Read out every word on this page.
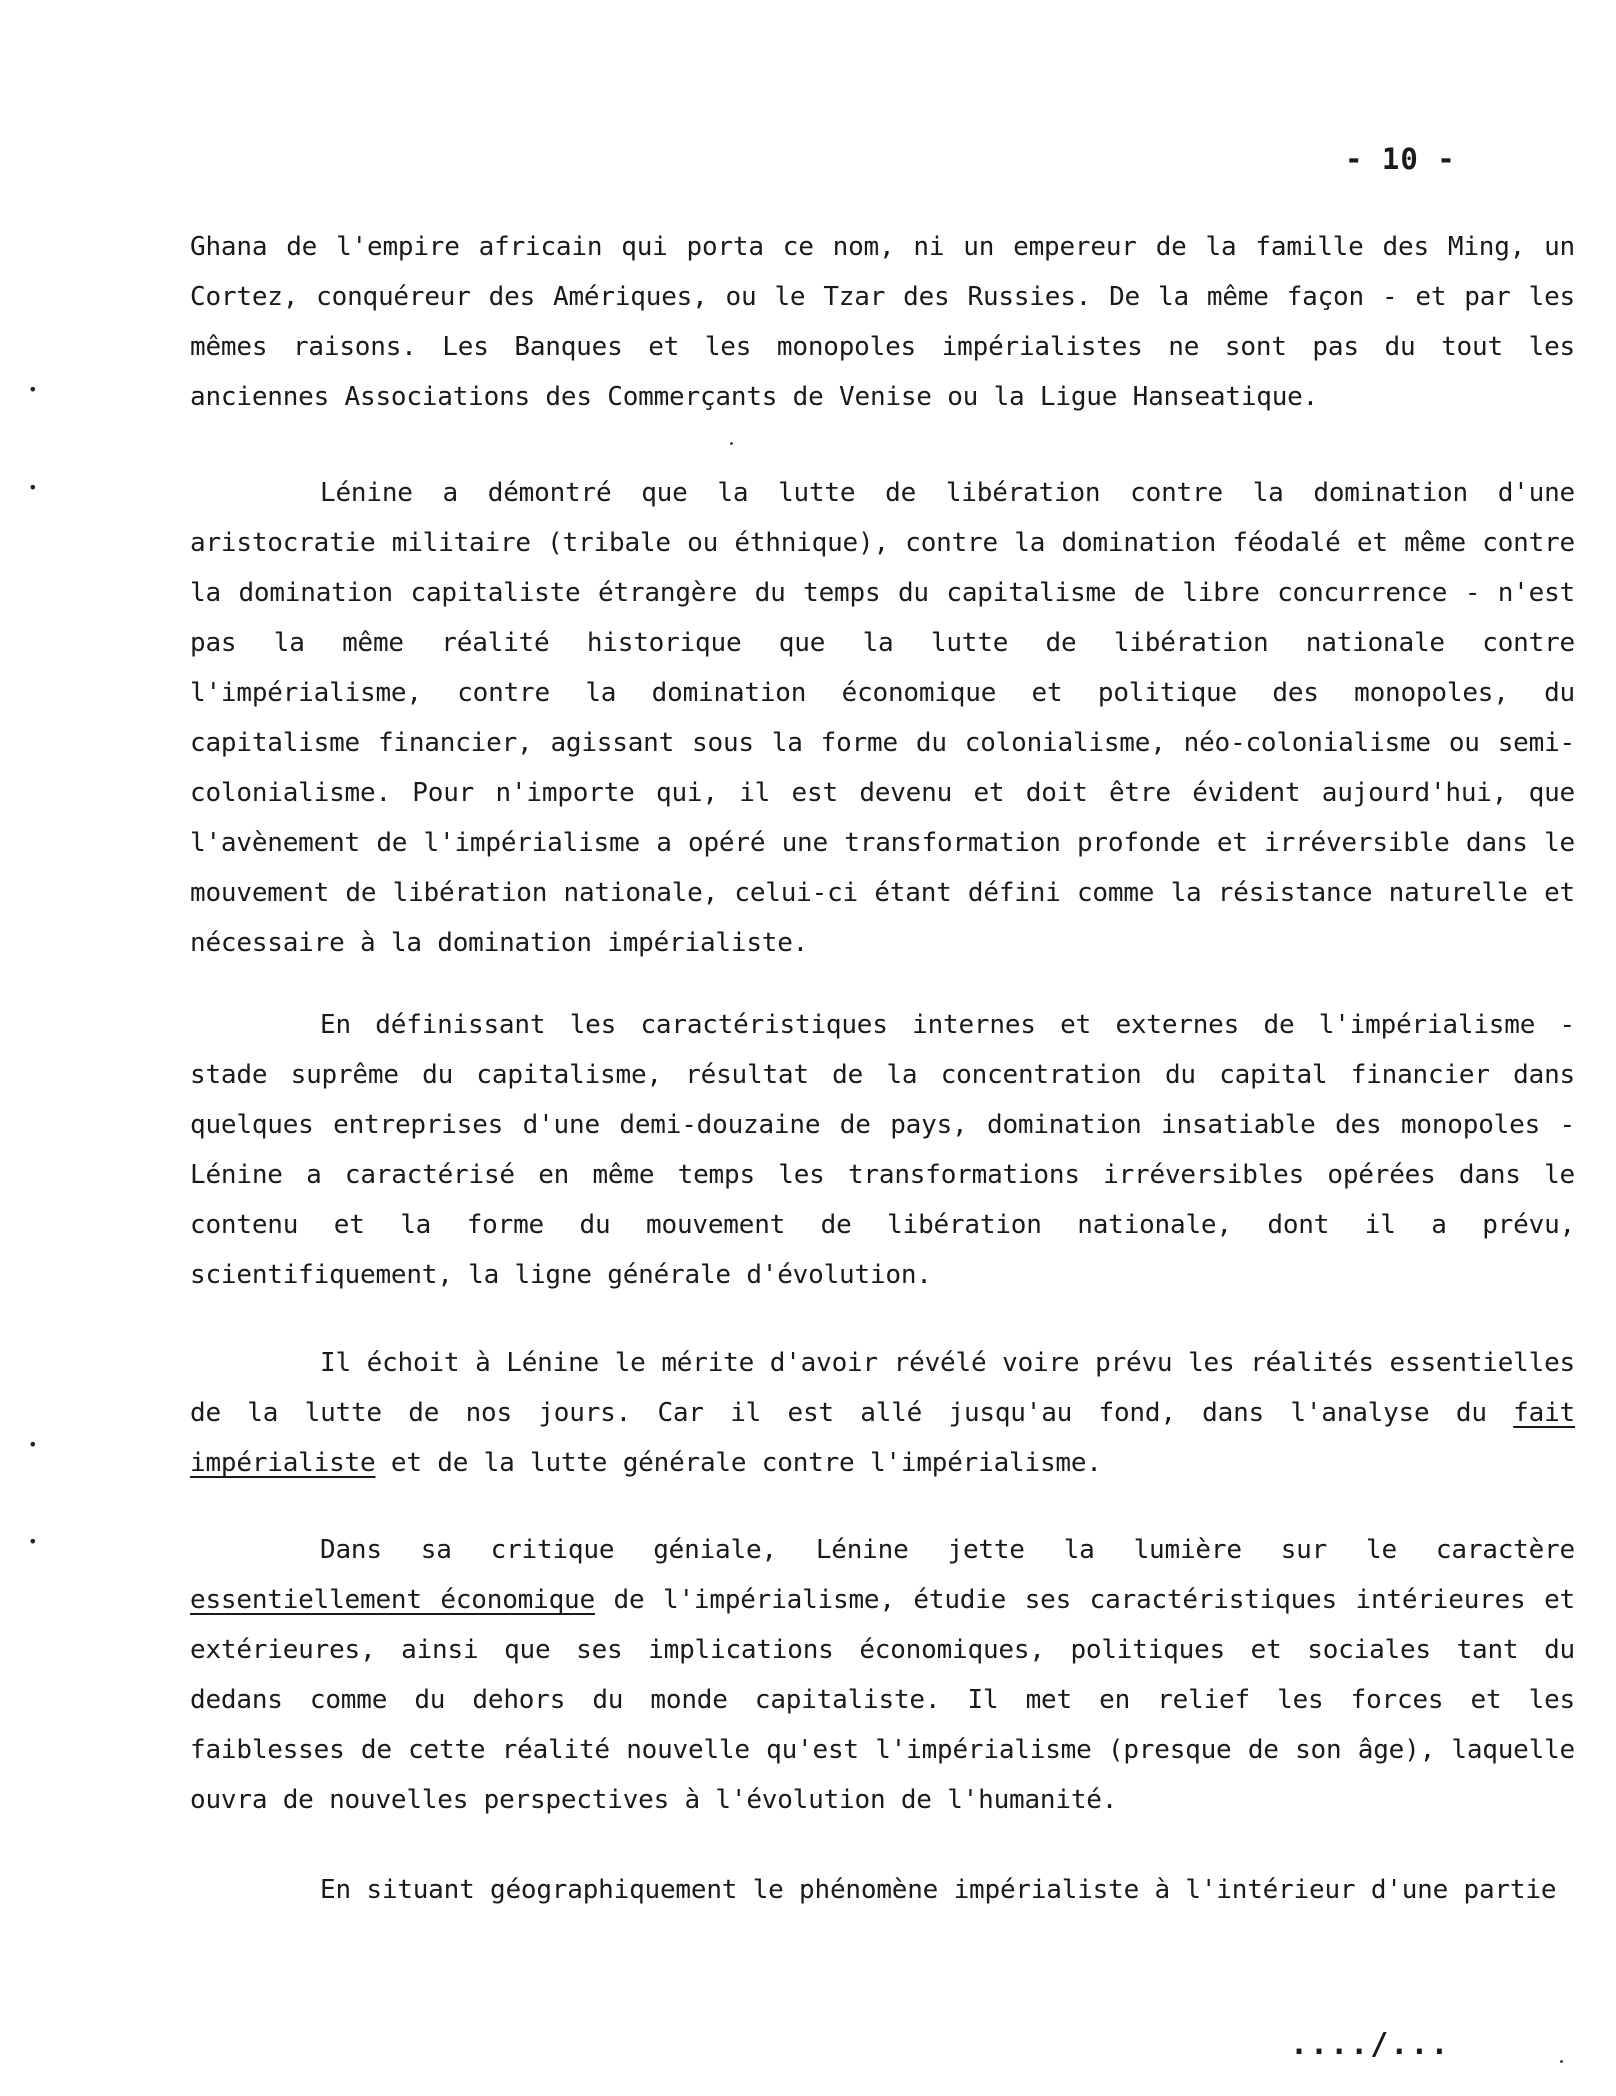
- 10 -
Ghana de l'empire africain qui porta ce nom, ni un empereur de la famille des Ming, un Cortez, conquéreur des Amériques, ou le Tzar des Russies. De la même façon - et par les mêmes raisons. Les Banques et les monopoles impérialistes ne sont pas du tout les anciennes Associations des Commerçants de Venise ou la Ligue Hanseatique.
Lénine a démontré que la lutte de libération contre la domination d'une aristocratie militaire (tribale ou éthnique), contre la domination féodalé et même contre la domination capitaliste étrangère du temps du capitalisme de libre concurrence - n'est pas la même réalité historique que la lutte de libération nationale contre l'impérialisme, contre la domination économique et politique des monopoles, du capitalisme financier, agissant sous la forme du colonialisme, néo-colonialisme ou semi-colonialisme. Pour n'importe qui, il est devenu et doit être évident aujourd'hui, que l'avènement de l'impérialisme a opéré une transformation profonde et irréversible dans le mouvement de libération nationale, celui-ci étant défini comme la résistance naturelle et nécessaire à la domination impérialiste.
En définissant les caractéristiques internes et externes de l'impérialisme - stade suprême du capitalisme, résultat de la concentration du capital financier dans quelques entreprises d'une demi-douzaine de pays, domination insatiable des monopoles - Lénine a caractérisé en même temps les transformations irréversibles opérées dans le contenu et la forme du mouvement de libération nationale, dont il a prévu, scientifiquement, la ligne générale d'évolution.
Il échoit à Lénine le mérite d'avoir révélé voire prévu les réalités essentielles de la lutte de nos jours. Car il est allé jusqu'au fond, dans l'analyse du fait impérialiste et de la lutte générale contre l'impérialisme.
Dans sa critique géniale, Lénine jette la lumière sur le caractère essentiellement économique de l'impérialisme, étudie ses caractéristiques intérieures et extérieures, ainsi que ses implications économiques, politiques et sociales tant du dedans comme du dehors du monde capitaliste. Il met en relief les forces et les faiblesses de cette réalité nouvelle qu'est l'impérialisme (presque de son âge), laquelle ouvra de nouvelles perspectives à l'évolution de l'humanité.
En situant géographiquement le phénomène impérialiste à l'intérieur d'une partie
..../...
•
•
•
•
